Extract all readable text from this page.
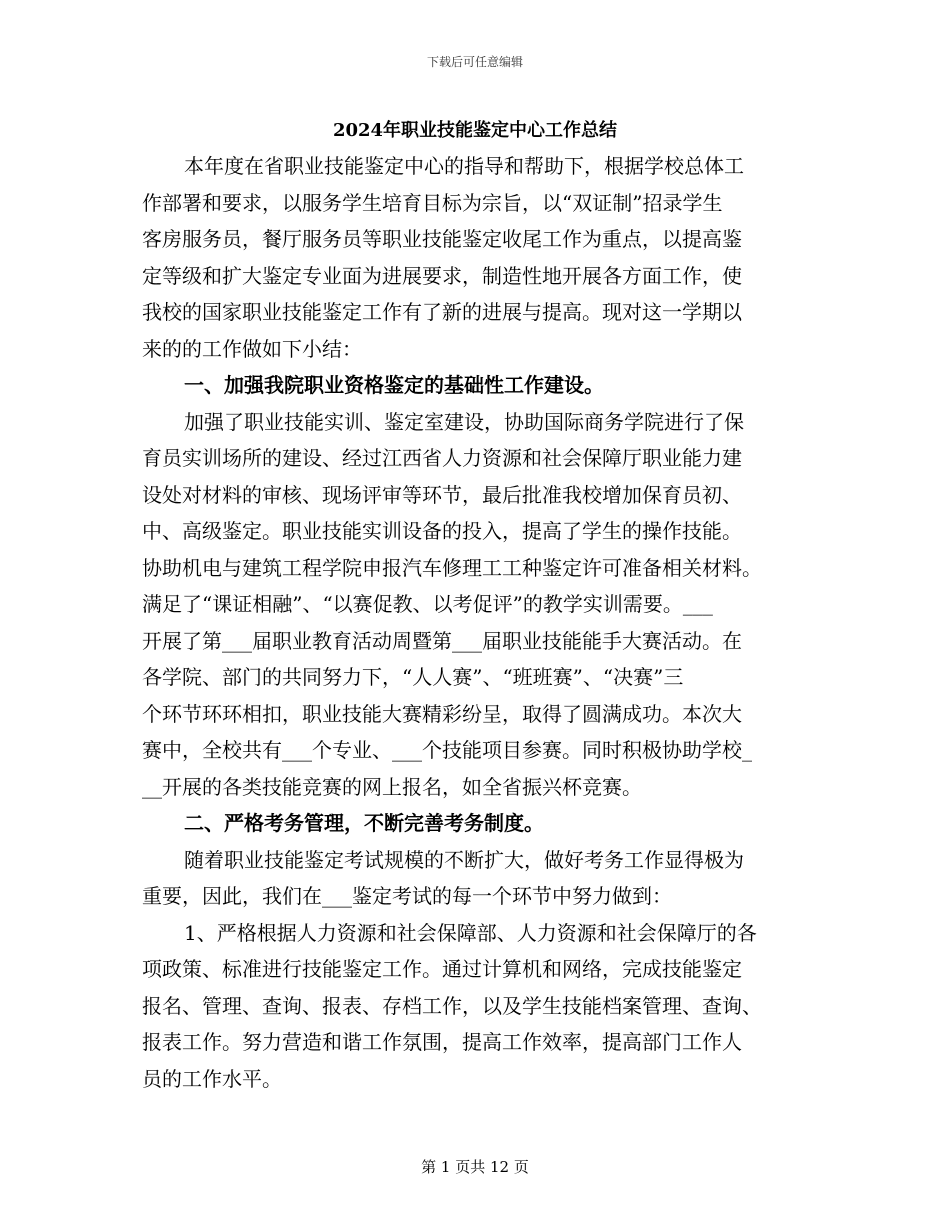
下载后可任意编辑
2024年职业技能鉴定中心工作总结

本年度在省职业技能鉴定中心的指导和帮助下，根据学校总体工
作部署和要求，以服务学生培育目标为宗旨，以“双证制”招录学生
客房服务员，餐厅服务员等职业技能鉴定收尾工作为重点，以提高鉴
定等级和扩大鉴定专业面为进展要求，制造性地开展各方面工作，使
我校的国家职业技能鉴定工作有了新的进展与提高。现对这一学期以
来的的工作做如下小结：

一、加强我院职业资格鉴定的基础性工作建设。

加强了职业技能实训、鉴定室建设，协助国际商务学院进行了保
育员实训场所的建设、经过江西省人力资源和社会保障厅职业能力建
设处对材料的审核、现场评审等环节，最后批准我校增加保育员初、
中、高级鉴定。职业技能实训设备的投入，提高了学生的操作技能。
协助机电与建筑工程学院申报汽车修理工工种鉴定许可准备相关材料。
满足了“课证相融”、“以赛促教、以考促评”的教学实训需要。___
开展了第___届职业教育活动周暨第___届职业技能能手大赛活动。在
各学院、部门的共同努力下，“人人赛”、“班班赛”、“决赛”三
个环节环环相扣，职业技能大赛精彩纷呈，取得了圆满成功。本次大
赛中，全校共有___个专业、___个技能项目参赛。同时积极协助学校_
__开展的各类技能竞赛的网上报名，如全省振兴杯竞赛。

二、严格考务管理，不断完善考务制度。

随着职业技能鉴定考试规模的不断扩大，做好考务工作显得极为
重要，因此，我们在___鉴定考试的每一个环节中努力做到：

1、严格根据人力资源和社会保障部、人力资源和社会保障厅的各
项政策、标准进行技能鉴定工作。通过计算机和网络，完成技能鉴定
报名、管理、查询、报表、存档工作，以及学生技能档案管理、查询、
报表工作。努力营造和谐工作氛围，提高工作效率，提高部门工作人
员的工作水平。

第 1 页共 12 页
